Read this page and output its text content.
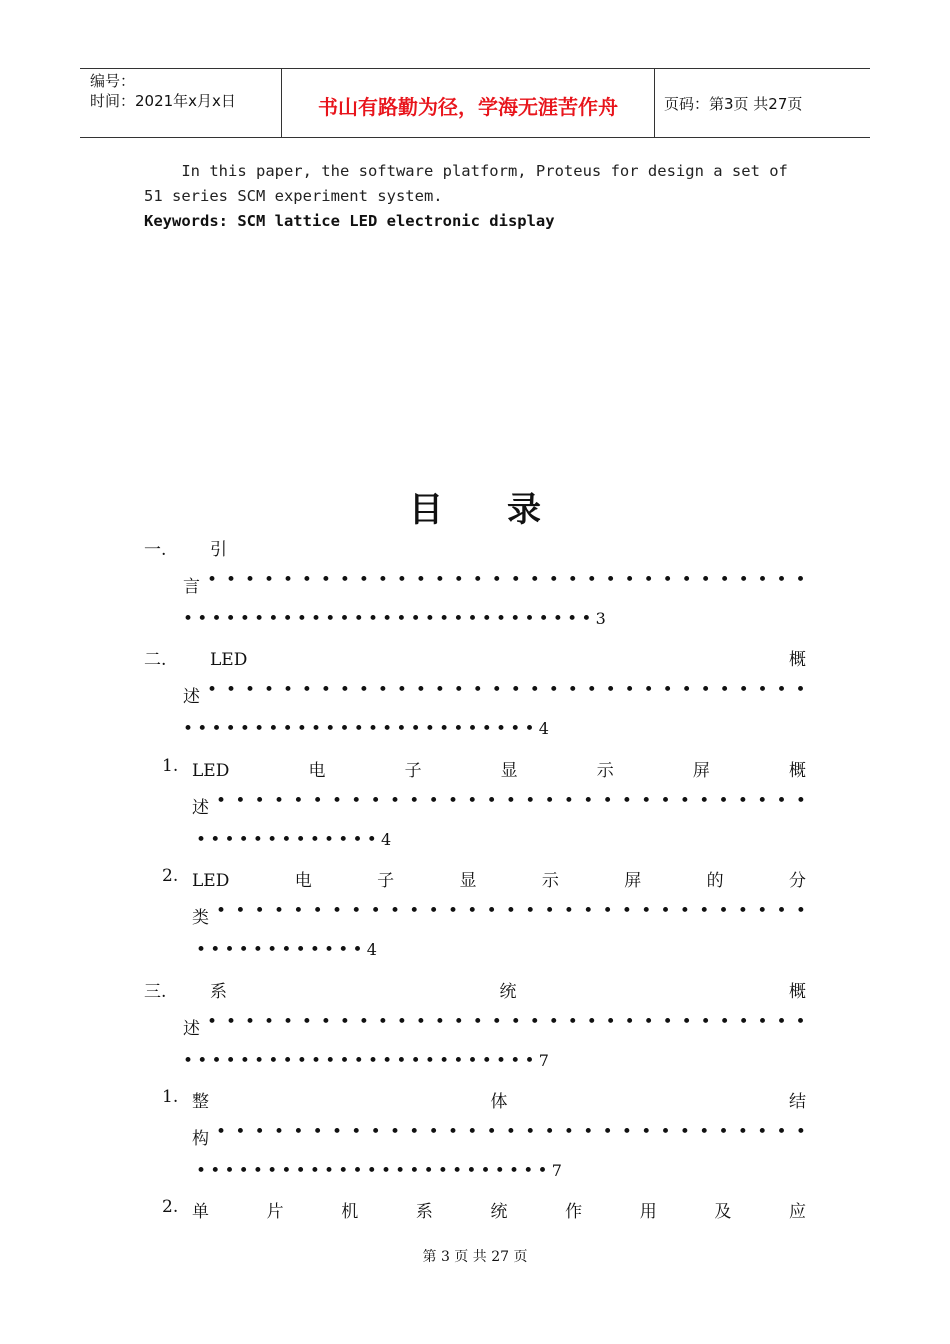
编号：
时间：2021年x月x日	书山有路勤为径，学海无涯苦作舟	页码：第3页 共27页
In this paper, the software platform, Proteus for design a set of
51 series SCM experiment system.
Keywords: SCM lattice LED electronic display
目录
一.	引
言 • • • • • • • • • • • • • • • • • • • • • • • • • • • • • • • •
•••••••••••••••••••••••••••••3
二.	LED	概
述 • • • • • • • • • • • • • • • • • • • • • • • • • • • • • • • •
•••••••••••••••••••••••••4
1. LED	电	子	显	示	屏	概
述 • • • • • • • • • • • • • • • • • • • • • • • • • • • • • • •
•••••••••••••4
2. LED	电	子	显	示	屏	的	分
类 • • • • • • • • • • • • • • • • • • • • • • • • • • • • • • •
••••••••••••4
三.	系	统	概
述 • • • • • • • • • • • • • • • • • • • • • • • • • • • • • • • •
•••••••••••••••••••••••••7
1. 整	体	结
构 • • • • • • • • • • • • • • • • • • • • • • • • • • • • • • •
•••••••••••••••••••••••••7
2. 单	片	机	系	统	作	用	及	应
第 3 页 共 27 页
